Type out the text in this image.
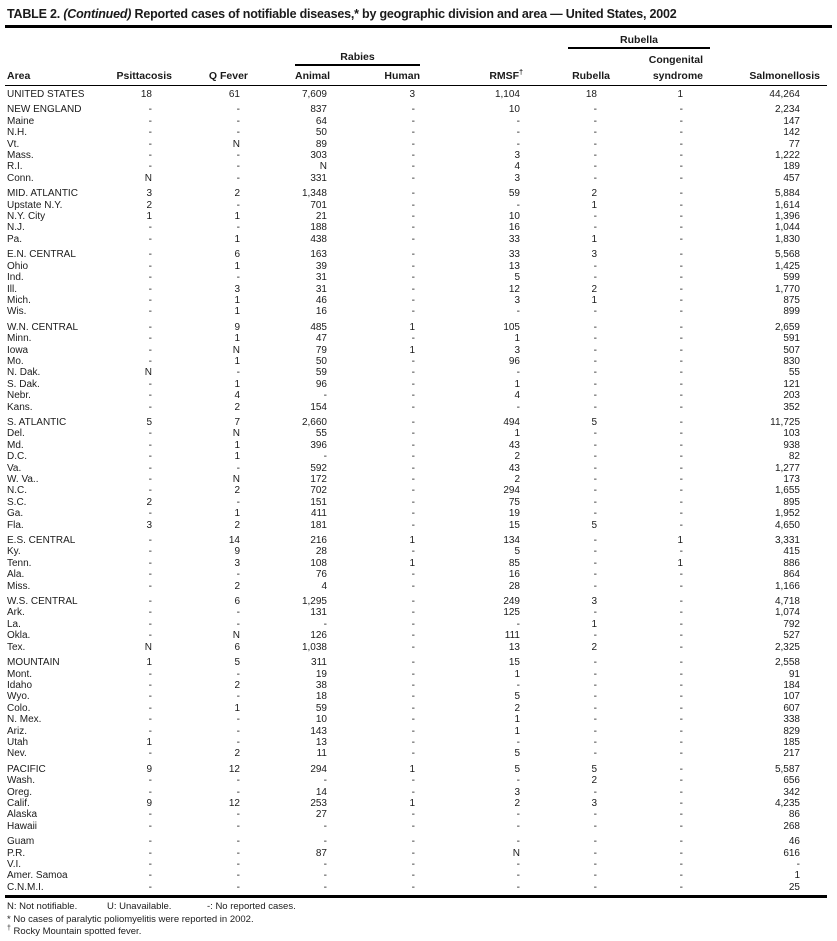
TABLE 2. (Continued) Reported cases of notifiable diseases,* by geographic division and area — United States, 2002

						Rubella		

			Rabies				Congenital	
Area	Psittacosis	Q Fever	Animal	Human	RMSF†	Rubella	syndrome	Salmonellosis
UNITED STATES	18	61	7,609	3	1,104	18	1	44,264

NEW ENGLAND	-	-	837	-	10	-	-	2,234
Maine	-	-	64	-	-	-	-	147
N.H.	-	-	50	-	-	-	-	142
Vt.	-	N	89	-	-	-	-	77
Mass.	-	-	303	-	3	-	-	1,222
R.I.	-	-	N	-	4	-	-	189
Conn.	N	-	331	-	3	-	-	457

MID. ATLANTIC	3	2	1,348	-	59	2	-	5,884
Upstate N.Y.	2	-	701	-	-	1	-	1,614
N.Y. City	1	1	21	-	10	-	-	1,396
N.J.	-	-	188	-	16	-	-	1,044
Pa.	-	1	438	-	33	1	-	1,830

E.N. CENTRAL	-	6	163	-	33	3	-	5,568
Ohio	-	1	39	-	13	-	-	1,425
Ind.	-	-	31	-	5	-	-	599
Ill.	-	3	31	-	12	2	-	1,770
Mich.	-	1	46	-	3	1	-	875
Wis.	-	1	16	-	-	-	-	899

W.N. CENTRAL	-	9	485	1	105	-	-	2,659
Minn.	-	1	47	-	1	-	-	591
Iowa	-	N	79	1	3	-	-	507
Mo.	-	1	50	-	96	-	-	830
N. Dak.	N	-	59	-	-	-	-	55
S. Dak.	-	1	96	-	1	-	-	121
Nebr.	-	4	-	-	4	-	-	203
Kans.	-	2	154	-	-	-	-	352

S. ATLANTIC	5	7	2,660	-	494	5	-	11,725
Del.	-	N	55	-	1	-	-	103
Md.	-	1	396	-	43	-	-	938
D.C.	-	1	-	-	2	-	-	82
Va.	-	-	592	-	43	-	-	1,277
W. Va..	-	N	172	-	2	-	-	173
N.C.	-	2	702	-	294	-	-	1,655
S.C.	2	-	151	-	75	-	-	895
Ga.	-	1	411	-	19	-	-	1,952
Fla.	3	2	181	-	15	5	-	4,650

E.S. CENTRAL	-	14	216	1	134	-	1	3,331
Ky.	-	9	28	-	5	-	-	415
Tenn.	-	3	108	1	85	-	1	886
Ala.	-	-	76	-	16	-	-	864
Miss.	-	2	4	-	28	-	-	1,166

W.S. CENTRAL	-	6	1,295	-	249	3	-	4,718
Ark.	-	-	131	-	125	-	-	1,074
La.	-	-	-	-	-	1	-	792
Okla.	-	N	126	-	111	-	-	527
Tex.	N	6	1,038	-	13	2	-	2,325

MOUNTAIN	1	5	311	-	15	-	-	2,558
Mont.	-	-	19	-	1	-	-	91
Idaho	-	2	38	-	-	-	-	184
Wyo.	-	-	18	-	5	-	-	107
Colo.	-	1	59	-	2	-	-	607
N. Mex.	-	-	10	-	1	-	-	338
Ariz.	-	-	143	-	1	-	-	829
Utah	1	-	13	-	-	-	-	185
Nev.	-	2	11	-	5	-	-	217

PACIFIC	9	12	294	1	5	5	-	5,587
Wash.	-	-	-	-	-	2	-	656
Oreg.	-	-	14	-	3	-	-	342
Calif.	9	12	253	1	2	3	-	4,235
Alaska	-	-	27	-	-	-	-	86
Hawaii	-	-	-	-	-	-	-	268

Guam	-	-	-	-	-	-	-	46
P.R.	-	-	87	-	N	-	-	616
V.I.	-	-	-	-	-	-	-	-
Amer. Samoa	-	-	-	-	-	-	-	1
C.N.M.I.	-	-	-	-	-	-	-	25
N: Not notifiable.	U: Unavailable.	-: No reported cases.
* No cases of paralytic poliomyelitis were reported in 2002.
† Rocky Mountain spotted fever.
